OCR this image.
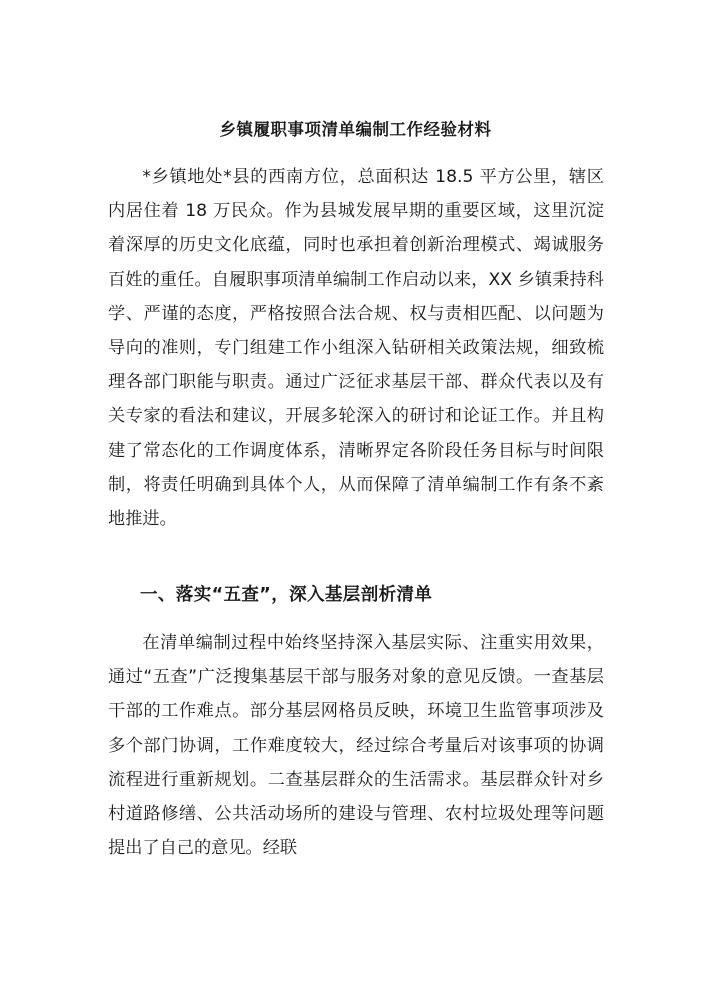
乡镇履职事项清单编制工作经验材料

*乡镇地处*县的西南方位，总面积达 18.5 平方公里，辖区内居住着 18 万民众。作为县城发展早期的重要区域，这里沉淀着深厚的历史文化底蕴，同时也承担着创新治理模式、竭诚服务百姓的重任。自履职事项清单编制工作启动以来，XX 乡镇秉持科学、严谨的态度，严格按照合法合规、权与责相匹配、以问题为导向的准则，专门组建工作小组深入钻研相关政策法规，细致梳理各部门职能与职责。通过广泛征求基层干部、群众代表以及有关专家的看法和建议，开展多轮深入的研讨和论证工作。并且构建了常态化的工作调度体系，清晰界定各阶段任务目标与时间限制，将责任明确到具体个人，从而保障了清单编制工作有条不紊地推进。

一、落实“五查”，深入基层剖析清单

在清单编制过程中始终坚持深入基层实际、注重实用效果，通过“五查”广泛搜集基层干部与服务对象的意见反馈。一查基层干部的工作难点。部分基层网格员反映，环境卫生监管事项涉及多个部门协调，工作难度较大，经过综合考量后对该事项的协调流程进行重新规划。二查基层群众的生活需求。基层群众针对乡村道路修缮、公共活动场所的建设与管理、农村垃圾处理等问题提出了自己的意见。经联
